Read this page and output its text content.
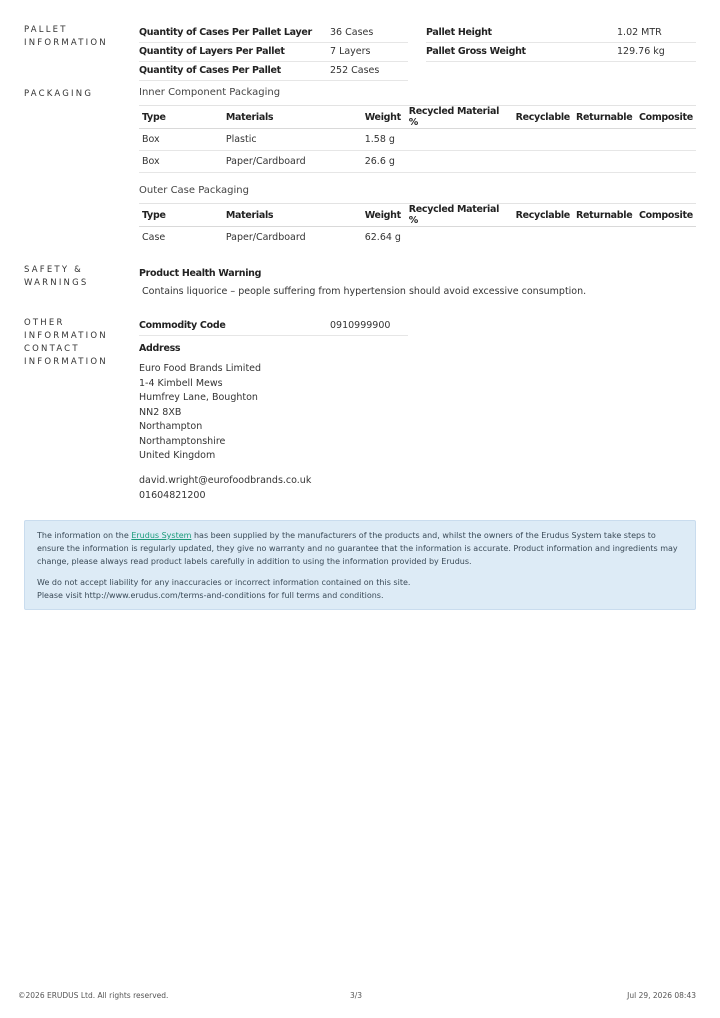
PALLET
INFORMATION
PACKAGING
SAFETY &
WARNINGS
OTHER
INFORMATION
CONTACT
INFORMATION
Quantity of Cases Per Pallet Layer 36 Cases
Quantity of Layers Per Pallet	7 Layers
Quantity of Cases Per Pallet	252 Cases
Pallet Height	1.02 MTR
Pallet Gross Weight	129.76 kg
Inner Component Packaging
Type	Materials	Weight	Recycled Material %	Recyclable	Returnable	Composite
Box	Plastic	1.58 g				
Box	Paper/Cardboard	26.6 g				
Outer Case Packaging
Type	Materials	Weight	Recycled Material %	Recyclable	Returnable	Composite
Case	Paper/Cardboard	62.64 g				
Product Health Warning
Contains liquorice – people suffering from hypertension should avoid excessive consumption.
Commodity Code	0910999900
Address
Euro Food Brands Limited
1-4 Kimbell Mews
Humfrey Lane, Boughton
NN2 8XB
Northampton
Northamptonshire
United Kingdom
david.wright@eurofoodbrands.co.uk
01604821200

The information on the Erudus System has been supplied by the manufacturers of the products and, whilst the owners of the Erudus System take steps to ensure the information is regularly updated, they give no warranty and no guarantee that the information is accurate. Product information and ingredients may change, please always read product labels carefully in addition to using the information provided by Erudus.

We do not accept liability for any inaccuracies or incorrect information contained on this site.
Please visit http://www.erudus.com/terms-and-conditions for full terms and conditions.

©2026 ERUDUS Ltd. All rights reserved.	3/3	Jul 29, 2026 08:43
